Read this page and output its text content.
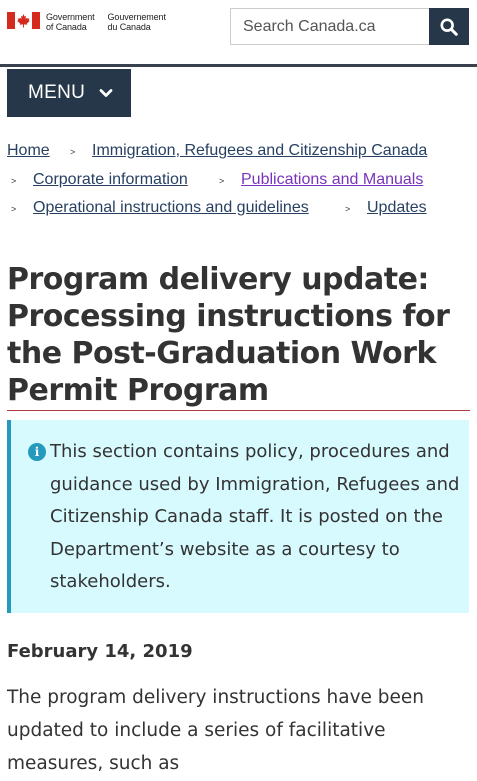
Government
of Canada
Gouvernement
du Canada
Search Canada.ca
MENU
Home > Immigration, Refugees and Citizenship Canada
> Corporate information	> Publications and Manuals
> Operational instructions and guidelines	> Updates
Program delivery update: Processing instructions for the Post-Graduation Work Permit Program
i This section contains policy, procedures and guidance used by Immigration, Refugees and Citizenship Canada staff. It is posted on the Department’s website as a courtesy to stakeholders.

February 14, 2019

The program delivery instructions have been updated to include a series of facilitative measures, such as
